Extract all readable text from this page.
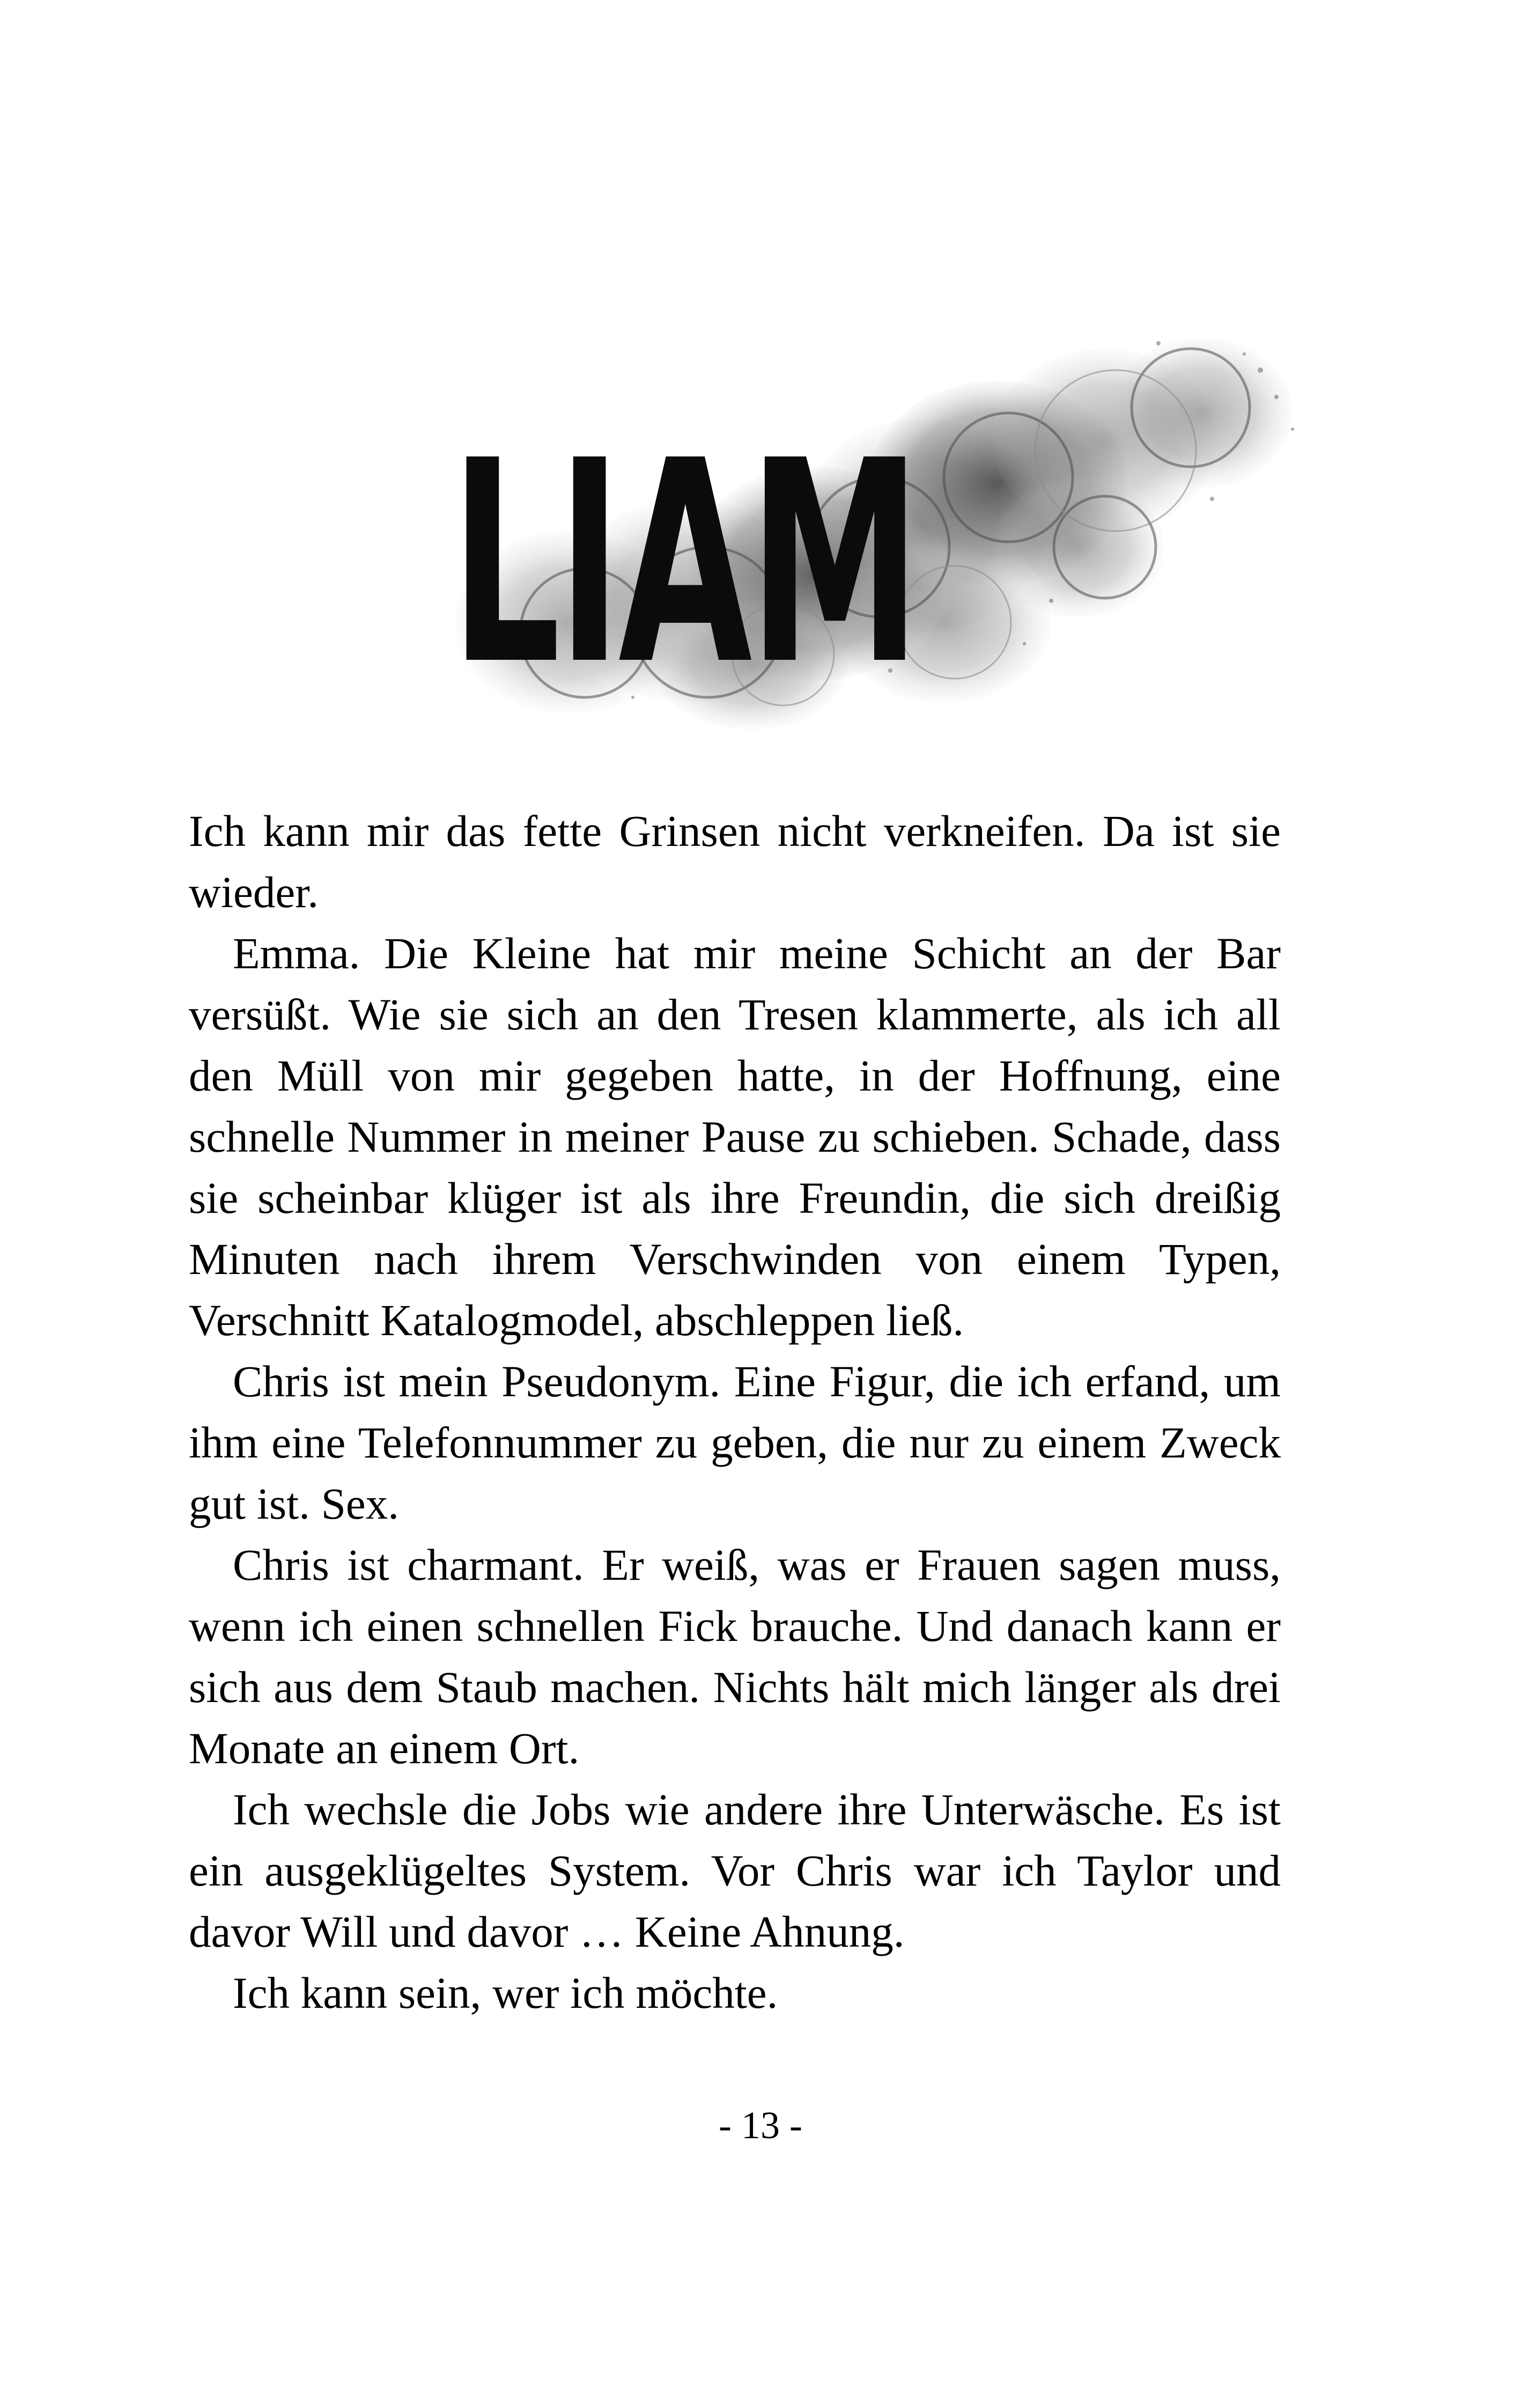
LIAM

Ich kann mir das fette Grinsen nicht verkneifen. Da ist sie wieder.

Emma. Die Kleine hat mir meine Schicht an der Bar versüßt. Wie sie sich an den Tresen klammerte, als ich all den Müll von mir gegeben hatte, in der Hoffnung, eine schnelle Nummer in meiner Pause zu schieben. Schade, dass sie scheinbar klüger ist als ihre Freundin, die sich dreißig Minuten nach ihrem Verschwinden von einem Typen, Verschnitt Katalogmodel, abschleppen ließ.

Chris ist mein Pseudonym. Eine Figur, die ich erfand, um ihm eine Telefonnummer zu geben, die nur zu einem Zweck gut ist. Sex.

Chris ist charmant. Er weiß, was er Frauen sagen muss, wenn ich einen schnellen Fick brauche. Und danach kann er sich aus dem Staub machen. Nichts hält mich länger als drei Monate an einem Ort.

Ich wechsle die Jobs wie andere ihre Unterwäsche. Es ist ein ausgeklügeltes System. Vor Chris war ich Taylor und davor Will und davor … Keine Ahnung.

Ich kann sein, wer ich möchte.

- 13 -
